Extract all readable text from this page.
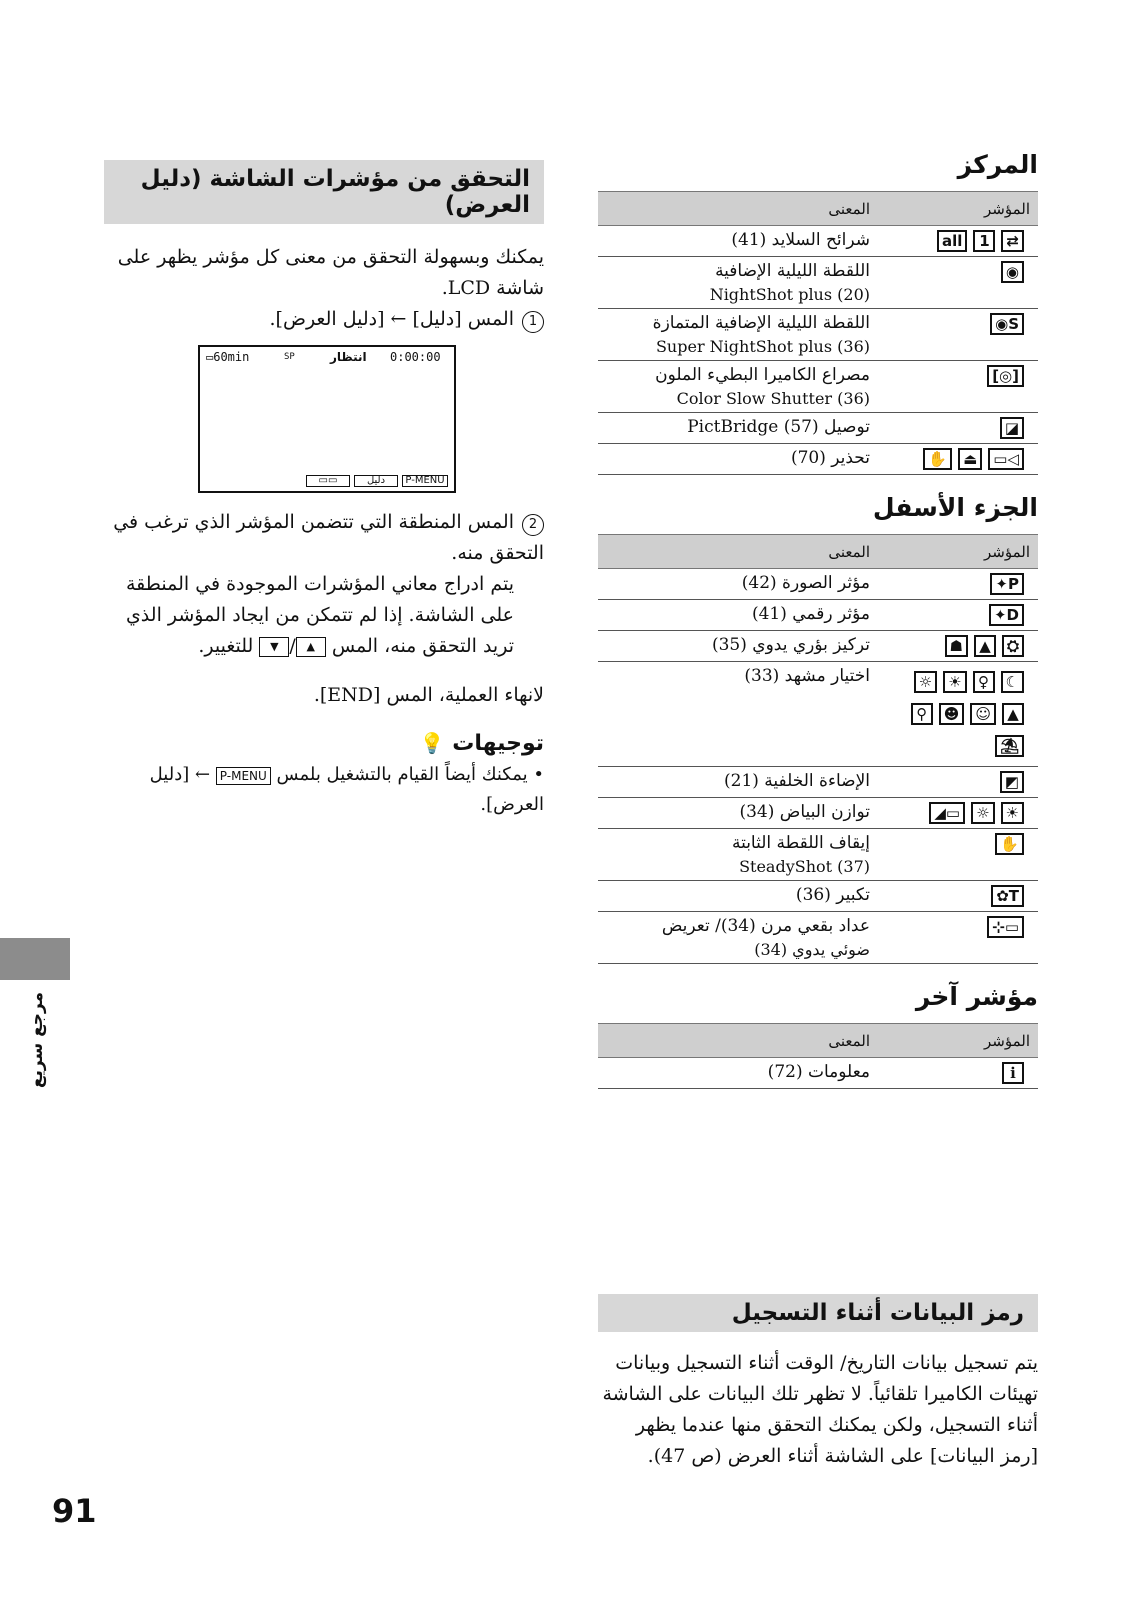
التحقق من مؤشرات الشاشة (دليل العرض)

يمكنك وبسهولة التحقق من معنى كل مؤشر يظهر على شاشة LCD.

1المس [دليل] ← [دليل العرض].

▭60min	SP	انتظار 0:00:00
▭▭	دليل	P-MENU

2المس المنطقة التي تتضمن المؤشر الذي ترغب في التحقق منه.

يتم ادراج معاني المؤشرات الموجودة في المنطقة على الشاشة. إذا لم تتمكن من ايجاد المؤشر الذي تريد التحقق منه، المس ▲/▼ للتغيير.

لانهاء العملية، المس [END].

توجيهات 💡

• يمكنك أيضاً القيام بالتشغيل بلمس P-MENU ← [دليل العرض].

المركز
المؤشر	المعنى
⇄1all	شرائح السلايد (41)

◉	اللقطة الليلية الإضافية
NightShot plus (20)

S◉	اللقطة الليلية الإضافية المتمازة
Super NightShot plus (36)

[◎]	مصراع الكاميرا البطيء الملون
Color Slow Shutter (36)

◪	توصيل PictBridge (57)

◁▭⏏✋	تحذير (70)
الجزء الأسفل
المؤشر	المعنى
P✦	مؤثر الصورة (42)

D✦	مؤثر رقمي (41)

⛭▲☗	تركيز بؤري يدوي (35)

☾♀☀☼▲☺☻⚲⛱	اختيار مشهد (33)

◩	الإضاءة الخلفية (21)

☀☼▭◢	توازن البياض (34)

✋	إيقاف اللقطة الثابتة
SteadyShot (37)

T✿	تكبير (36)

▭⊹	عداد بقعي مرن (34)/ تعريض
ضوئي يدوي (34)
مؤشر آخر
المؤشر	المعنى
ℹ	معلومات (72)
رمز البيانات أثناء التسجيل

يتم تسجيل بيانات التاريخ/ الوقت أثناء التسجيل وبيانات تهيئات الكاميرا تلقائياً. لا تظهر تلك البيانات على الشاشة أثناء التسجيل، ولكن يمكنك التحقق منها عندما يظهر [رمز البيانات] على الشاشة أثناء العرض (ص 47).

مرجع سريع
91
